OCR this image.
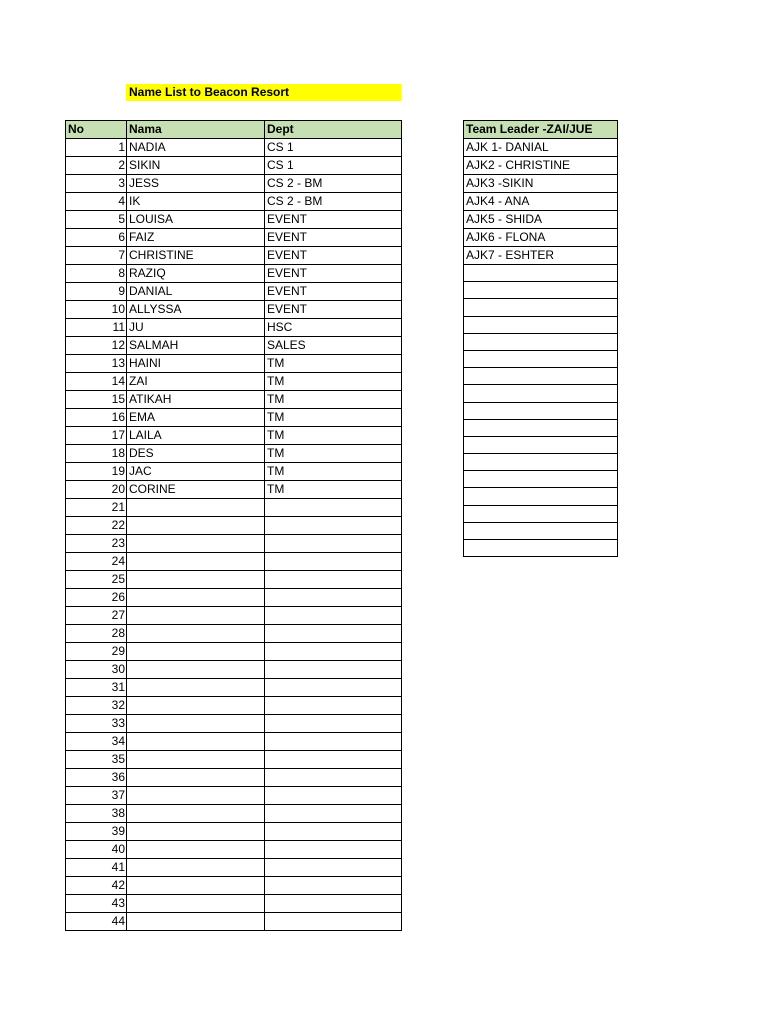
Name List to Beacon Resort
No	Nama	Dept
1	NADIA	CS 1
2	SIKIN	CS 1
3	JESS	CS 2 - BM
4	IK	CS 2 - BM
5	LOUISA	EVENT
6	FAIZ	EVENT
7	CHRISTINE	EVENT
8	RAZIQ	EVENT
9	DANIAL	EVENT
10	ALLYSSA	EVENT
11	JU	HSC
12	SALMAH	SALES
13	HAINI	TM
14	ZAI	TM
15	ATIKAH	TM
16	EMA	TM
17	LAILA	TM
18	DES	TM
19	JAC	TM
20	CORINE	TM
21		
22		
23		
24		
25		
26		
27		
28		
29		
30		
31		
32		
33		
34		
35		
36		
37		
38		
39		
40		
41		
42		
43		
44		
Team Leader -ZAI/JUE
AJK 1- DANIAL
AJK2 - CHRISTINE
AJK3 -SIKIN
AJK4 - ANA
AJK5 - SHIDA
AJK6 - FLONA
AJK7 - ESHTER
